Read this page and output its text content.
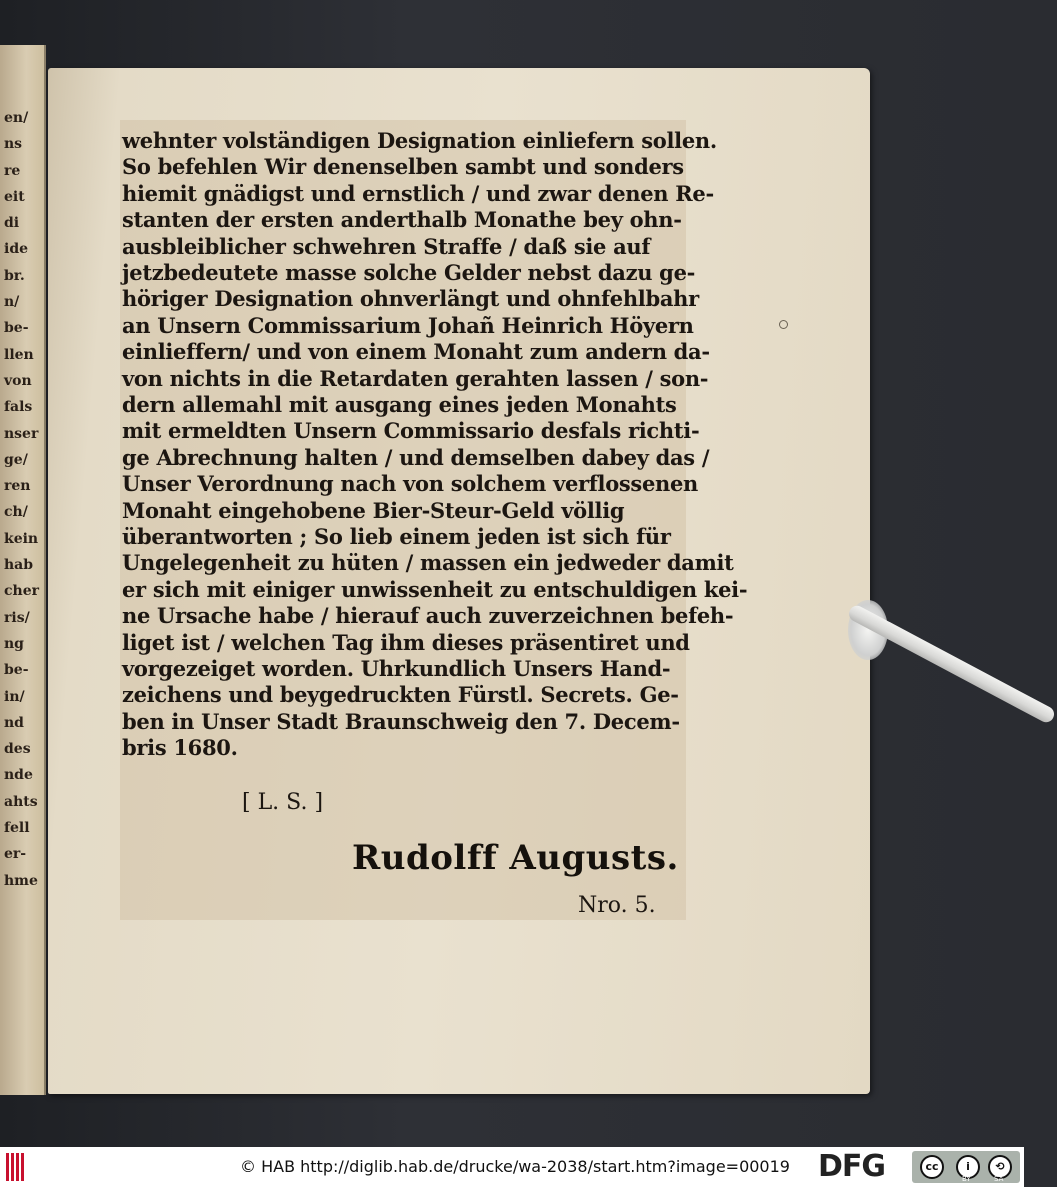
en/
ns
re
eit
di
ide
br.
n/
be-
llen
von
fals
nser
ge/
ren
ch/
kein
hab
cher
ris/
ng
be-
in/
nd
des
nde
ahts
fell
er-
hme
wehnter volständigen Designation einliefern sollen.
So befehlen Wir denenselben sambt und sonders
hiemit gnädigst und ernstlich / und zwar denen Re-
stanten der ersten anderthalb Monathe bey ohn-
ausbleiblicher schwehren Straffe / daß sie auf
jetzbedeutete masse solche Gelder nebst dazu ge-
höriger Designation ohnverlängt und ohnfehlbahr
an Unsern Commissarium Johañ Heinrich Höyern
einlieffern/ und von einem Monaht zum andern da-
von nichts in die Retardaten gerahten lassen / son-
dern allemahl mit ausgang eines jeden Monahts
mit ermeldten Unsern Commissario desfals richti-
ge Abrechnung halten / und demselben dabey das /
Unser Verordnung nach von solchem verflossenen
Monaht eingehobene Bier-Steur-Geld völlig
überantworten ; So lieb einem jeden ist sich für
Ungelegenheit zu hüten / massen ein jedweder damit
er sich mit einiger unwissenheit zu entschuldigen kei-
ne Ursache habe / hierauf auch zuverzeichnen befeh-
liget ist / welchen Tag ihm dieses präsentiret und
vorgezeiget worden. Uhrkundlich Unsers Hand-
zeichens und beygedruckten Fürstl. Secrets. Ge-
ben in Unser Stadt Braunschweig den 7. Decem-
bris 1680.
[ L. S. ]
Rudolff Augusts.
Nro. 5.
© HAB http://diglib.hab.de/drucke/wa-2038/start.htm?image=00019 DFG	cc	i
BY
⟲
SA
